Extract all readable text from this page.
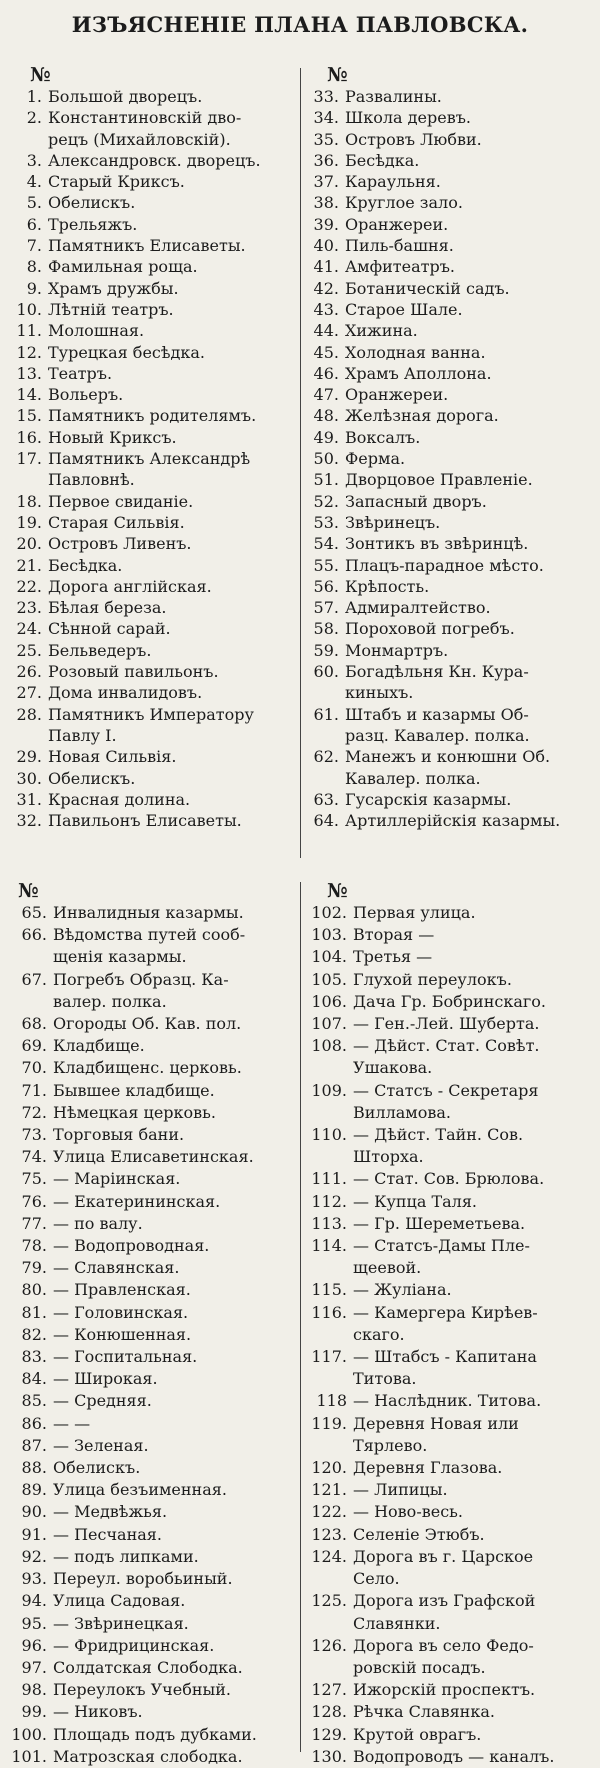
ИЗЪЯСНЕНІЕ ПЛАНА ПАВЛОВСКА.
№
1. Большой дворецъ.
2. Константиновскій дво-
рецъ (Михайловскій).
3. Александровск. дворецъ.
4. Старый Криксъ.
5. Обелискъ.
6. Трельяжъ.
7. Памятникъ Елисаветы.
8. Фамильная роща.
9. Храмъ дружбы.
10. Лѣтній театръ.
11. Молошная.
12. Турецкая бесѣдка.
13. Театръ.
14. Вольеръ.
15. Памятникъ родителямъ.
16. Новый Криксъ.
17. Памятникъ Александрѣ
Павловнѣ.
18. Первое свиданіе.
19. Старая Сильвія.
20. Островъ Ливенъ.
21. Бесѣдка.
22. Дорога англійская.
23. Бѣлая береза.
24. Сѣнной сарай.
25. Бельведеръ.
26. Розовый павильонъ.
27. Дома инвалидовъ.
28. Памятникъ Императору
Павлу I.
29. Новая Сильвія.
30. Обелискъ.
31. Красная долина.
32. Павильонъ Елисаветы.
№
33. Развалины.
34. Школа деревъ.
35. Островъ Любви.
36. Бесѣдка.
37. Караульня.
38. Круглое зало.
39. Оранжереи.
40. Пиль-башня.
41. Амфитеатръ.
42. Ботаническій садъ.
43. Старое Шале.
44. Хижина.
45. Холодная ванна.
46. Храмъ Аполлона.
47. Оранжереи.
48. Желѣзная дорога.
49. Воксалъ.
50. Ферма.
51. Дворцовое Правленіе.
52. Запасный дворъ.
53. Звѣринецъ.
54. Зонтикъ въ звѣринцѣ.
55. Плацъ-парадное мѣсто.
56. Крѣпость.
57. Адмиралтейство.
58. Пороховой погребъ.
59. Монмартръ.
60. Богадѣльня Кн. Кура-
киныхъ.
61. Штабъ и казармы Об-
разц. Кавалер. полка.
62. Манежъ и конюшни Об.
Кавалер. полка.
63. Гусарскія казармы.
64. Артиллерійскія казармы.
№
65. Инвалидныя казармы.
66. Вѣдомства путей сооб-
щенія казармы.
67. Погребъ Образц. Ка-
валер. полка.
68. Огороды Об. Кав. пол.
69. Кладбище.
70. Кладбищенс. церковь.
71. Бывшее кладбище.
72. Нѣмецкая церковь.
73. Торговыя бани.
74. Улица Елисаветинская.
75. — Маріинская.
76. — Екатерининская.
77. — по валу.
78. — Водопроводная.
79. — Славянская.
80. — Правленская.
81. — Головинская.
82. — Конюшенная.
83. — Госпитальная.
84. — Широкая.
85. — Средняя.
86. — —
87. — Зеленая.
88. Обелискъ.
89. Улица безъименная.
90. — Медвѣжья.
91. — Песчаная.
92. — подъ липками.
93. Переул. воробьиный.
94. Улица Садовая.
95. — Звѣринецкая.
96. — Фридрицинская.
97. Солдатская Слободка.
98. Переулокъ Учебный.
99. — Никовъ.
100. Площадь подъ дубками.
101. Матрозская слободка.
№
102. Первая улица.
103. Вторая —
104. Третья —
105. Глухой переулокъ.
106. Дача Гр. Бобринскаго.
107. — Ген.-Лей. Шуберта.
108. — Дѣйст. Стат. Совѣт.
Ушакова.
109. — Статсъ - Секретаря
Вилламова.
110. — Дѣйст. Тайн. Сов.
Шторха.
111. — Стат. Сов. Брюлова.
112. — Купца Таля.
113. — Гр. Шереметьева.
114. — Статсъ-Дамы Пле-
щеевой.
115. — Жуліана.
116. — Камергера Кирѣев-
скаго.
117. — Штабсъ - Капитана
Титова.
118 — Наслѣдник. Титова.
119. Деревня Новая или
Тярлево.
120. Деревня Глазова.
121. — Липицы.
122. — Ново-весь.
123. Селеніе Этюбъ.
124. Дорога въ г. Царское
Село.
125. Дорога изъ Графской
Славянки.
126. Дорога въ село Федо-
ровскій посадъ.
127. Ижорскій проспектъ.
128. Рѣчка Славянка.
129. Крутой оврагъ.
130. Водопроводъ — каналъ.
